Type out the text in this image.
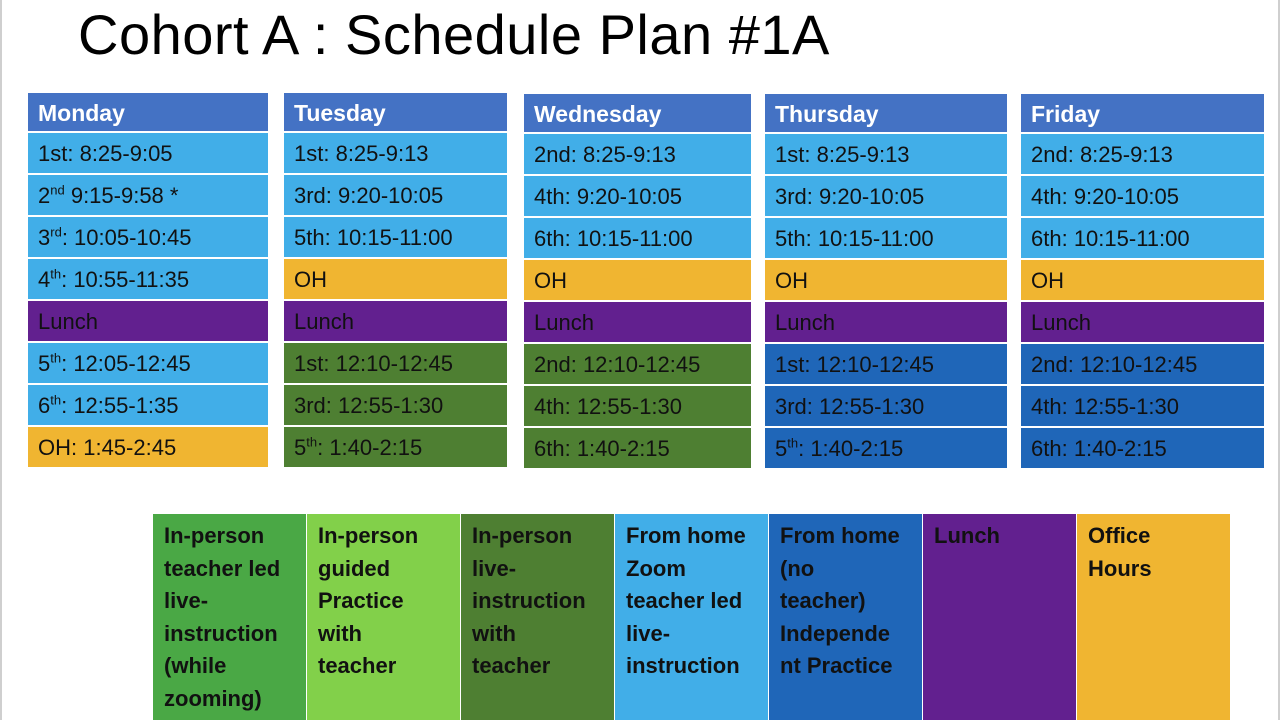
Cohort A : Schedule Plan #1A
Monday
1st: 8:25-9:05
2nd 9:15-9:58 *
3rd: 10:05-10:45
4th: 10:55-11:35
Lunch
5th: 12:05-12:45
6th: 12:55-1:35
OH: 1:45-2:45
Tuesday
1st: 8:25-9:13
3rd: 9:20-10:05
5th: 10:15-11:00
OH
Lunch
1st: 12:10-12:45
3rd: 12:55-1:30
5th: 1:40-2:15
Wednesday
2nd: 8:25-9:13
4th: 9:20-10:05
6th: 10:15-11:00
OH
Lunch
2nd: 12:10-12:45
4th: 12:55-1:30
6th: 1:40-2:15
Thursday
1st: 8:25-9:13
3rd: 9:20-10:05
5th: 10:15-11:00
OH
Lunch
1st: 12:10-12:45
3rd: 12:55-1:30
5th: 1:40-2:15
Friday
2nd: 8:25-9:13
4th: 9:20-10:05
6th: 10:15-11:00
OH
Lunch
2nd: 12:10-12:45
4th: 12:55-1:30
6th: 1:40-2:15
In-person
teacher led
live-
instruction
(while
zooming)
In-person
guided
Practice
with
teacher
In-person
live-
instruction
with
teacher
From home
Zoom
teacher led
live-
instruction
From home
(no
teacher)
Independe
nt Practice
Lunch	Office
Hours
